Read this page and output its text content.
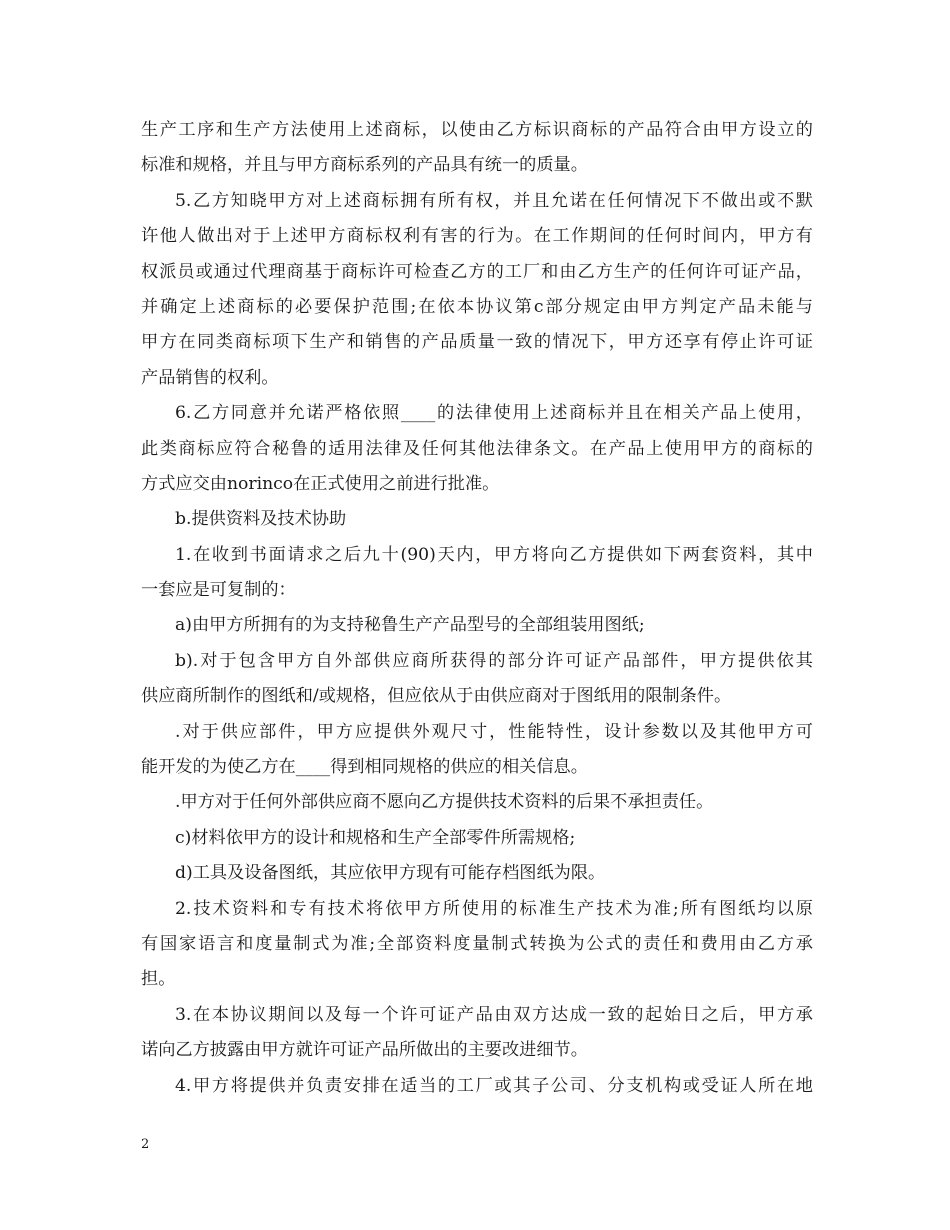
生产工序和生产方法使用上述商标，以使由乙方标识商标的产品符合由甲方设立的
标准和规格，并且与甲方商标系列的产品具有统一的质量。
5.乙方知晓甲方对上述商标拥有所有权，并且允诺在任何情况下不做出或不默
许他人做出对于上述甲方商标权利有害的行为。在工作期间的任何时间内，甲方有
权派员或通过代理商基于商标许可检查乙方的工厂和由乙方生产的任何许可证产品，
并确定上述商标的必要保护范围;在依本协议第c部分规定由甲方判定产品未能与
甲方在同类商标项下生产和销售的产品质量一致的情况下，甲方还享有停止许可证
产品销售的权利。
6.乙方同意并允诺严格依照____的法律使用上述商标并且在相关产品上使用，
此类商标应符合秘鲁的适用法律及任何其他法律条文。在产品上使用甲方的商标的
方式应交由norinco在正式使用之前进行批准。
b.提供资料及技术协助
1.在收到书面请求之后九十(90)天内，甲方将向乙方提供如下两套资料，其中
一套应是可复制的：
a)由甲方所拥有的为支持秘鲁生产产品型号的全部组装用图纸;
b).对于包含甲方自外部供应商所获得的部分许可证产品部件，甲方提供依其
供应商所制作的图纸和/或规格，但应依从于由供应商对于图纸用的限制条件。
.对于供应部件，甲方应提供外观尺寸，性能特性，设计参数以及其他甲方可
能开发的为使乙方在____得到相同规格的供应的相关信息。
.甲方对于任何外部供应商不愿向乙方提供技术资料的后果不承担责任。
c)材料依甲方的设计和规格和生产全部零件所需规格;
d)工具及设备图纸，其应依甲方现有可能存档图纸为限。
2.技术资料和专有技术将依甲方所使用的标准生产技术为准;所有图纸均以原
有国家语言和度量制式为准;全部资料度量制式转换为公式的责任和费用由乙方承
担。
3.在本协议期间以及每一个许可证产品由双方达成一致的起始日之后，甲方承
诺向乙方披露由甲方就许可证产品所做出的主要改进细节。
4.甲方将提供并负责安排在适当的工厂或其子公司、分支机构或受证人所在地
2
